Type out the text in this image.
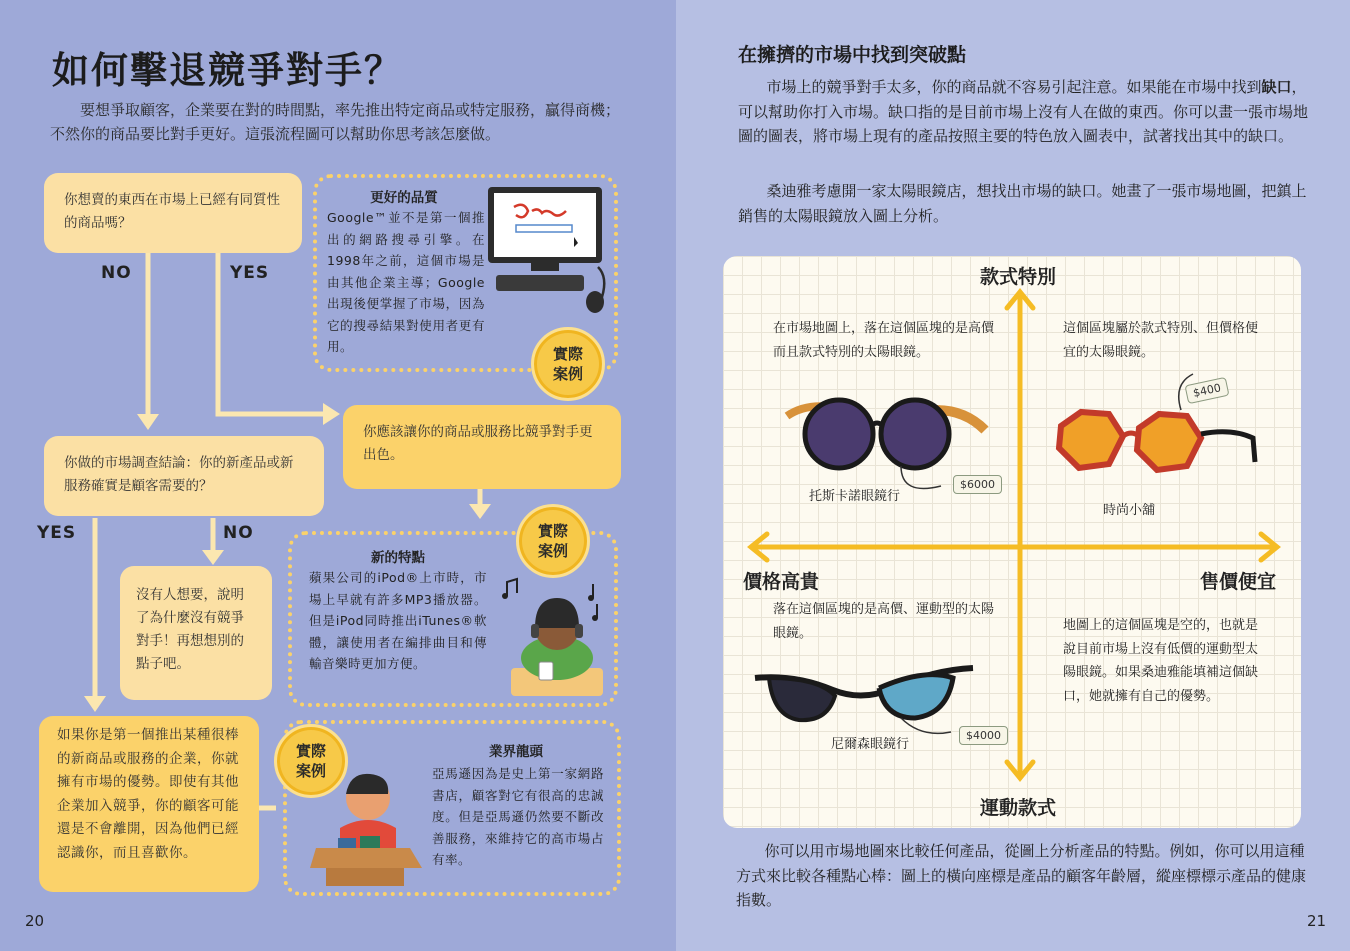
如何擊退競爭對手？
要想爭取顧客，企業要在對的時間點，率先推出特定商品或特定服務，贏得商機；不然你的商品要比對手更好。這張流程圖可以幫助你思考該怎麼做。
你想賣的東西在市場上已經有同質性的商品嗎？
NO	YES
你應該讓你的商品或服務比競爭對手更出色。
你做的市場調查結論：你的新產品或新服務確實是顧客需要的？
YES	NO
沒有人想要，說明了為什麼沒有競爭對手！再想想別的點子吧。
如果你是第一個推出某種很棒的新商品或服務的企業，你就擁有市場的優勢。即使有其他企業加入競爭，你的顧客可能還是不會離開，因為他們已經認識你，而且喜歡你。
更好的品質
Google™並不是第一個推出的網路搜尋引擎。在1998年之前，這個市場是由其他企業主導；Google出現後便掌握了市場，因為它的搜尋結果對使用者更有用。	實際
案例
新的特點
蘋果公司的iPod®上市時，市場上早就有許多MP3播放器。但是iPod同時推出iTunes®軟體，讓使用者在編排曲目和傳輸音樂時更加方便。
實際
案例
業界龍頭
亞馬遜因為是史上第一家網路書店，顧客對它有很高的忠誠度。但是亞馬遜仍然要不斷改善服務，來維持它的高市場占有率。
實際
案例
20
在擁擠的市場中找到突破點
市場上的競爭對手太多，你的商品就不容易引起注意。如果能在市場中找到缺口，可以幫助你打入市場。缺口指的是目前市場上沒有人在做的東西。你可以畫一張市場地圖的圖表，將市場上現有的產品按照主要的特色放入圖表中，試著找出其中的缺口。
桑迪雅考慮開一家太陽眼鏡店，想找出市場的缺口。她畫了一張市場地圖，把鎮上銷售的太陽眼鏡放入圖上分析。
款式特別
運動款式
價格高貴	售價便宜
在市場地圖上，落在這個區塊的是高價而且款式特別的太陽眼鏡。
這個區塊屬於款式特別、但價格便宜的太陽眼鏡。
落在這個區塊的是高價、運動型的太陽眼鏡。	地圖上的這個區塊是空的，也就是說目前市場上沒有低價的運動型太陽眼鏡。如果桑迪雅能填補這個缺口，她就擁有自己的優勢。
$6000
托斯卡諾眼鏡行
$400
時尚小舖
$4000
尼爾森眼鏡行
你可以用市場地圖來比較任何產品，從圖上分析產品的特點。例如，你可以用這種方式來比較各種點心棒：圖上的橫向座標是產品的顧客年齡層，縱座標標示產品的健康指數。
21
